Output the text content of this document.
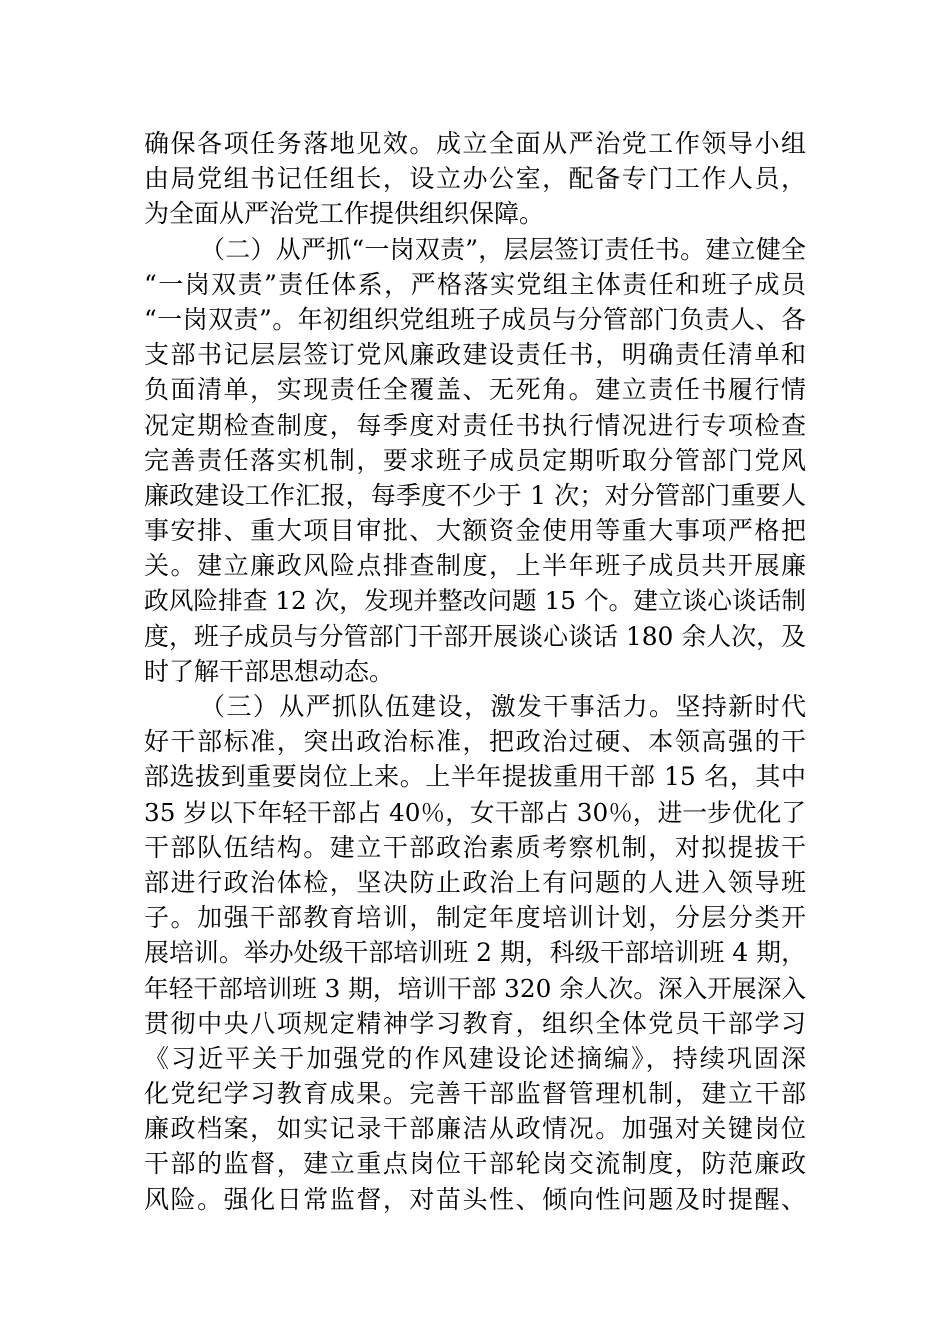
确保各项任务落地见效。成立全面从严治党工作领导小组
由局党组书记任组长，设立办公室，配备专门工作人员，
为全面从严治党工作提供组织保障。
（二）从严抓“一岗双责”，层层签订责任书。建立健全
“一岗双责”责任体系，严格落实党组主体责任和班子成员
“一岗双责”。年初组织党组班子成员与分管部门负责人、各
支部书记层层签订党风廉政建设责任书，明确责任清单和
负面清单，实现责任全覆盖、无死角。建立责任书履行情
况定期检查制度，每季度对责任书执行情况进行专项检查
完善责任落实机制，要求班子成员定期听取分管部门党风
廉政建设工作汇报，每季度不少于 1 次；对分管部门重要人
事安排、重大项目审批、大额资金使用等重大事项严格把
关。建立廉政风险点排查制度，上半年班子成员共开展廉
政风险排查 12 次，发现并整改问题 15 个。建立谈心谈话制
度，班子成员与分管部门干部开展谈心谈话 180 余人次，及
时了解干部思想动态。
（三）从严抓队伍建设，激发干事活力。坚持新时代
好干部标准，突出政治标准，把政治过硬、本领高强的干
部选拔到重要岗位上来。上半年提拔重用干部 15 名，其中
35 岁以下年轻干部占 40％，女干部占 30％，进一步优化了
干部队伍结构。建立干部政治素质考察机制，对拟提拔干
部进行政治体检，坚决防止政治上有问题的人进入领导班
子。加强干部教育培训，制定年度培训计划，分层分类开
展培训。举办处级干部培训班 2 期，科级干部培训班 4 期，
年轻干部培训班 3 期，培训干部 320 余人次。深入开展深入
贯彻中央八项规定精神学习教育，组织全体党员干部学习
《习近平关于加强党的作风建设论述摘编》，持续巩固深
化党纪学习教育成果。完善干部监督管理机制，建立干部
廉政档案，如实记录干部廉洁从政情况。加强对关键岗位
干部的监督，建立重点岗位干部轮岗交流制度，防范廉政
风险。强化日常监督，对苗头性、倾向性问题及时提醒、
